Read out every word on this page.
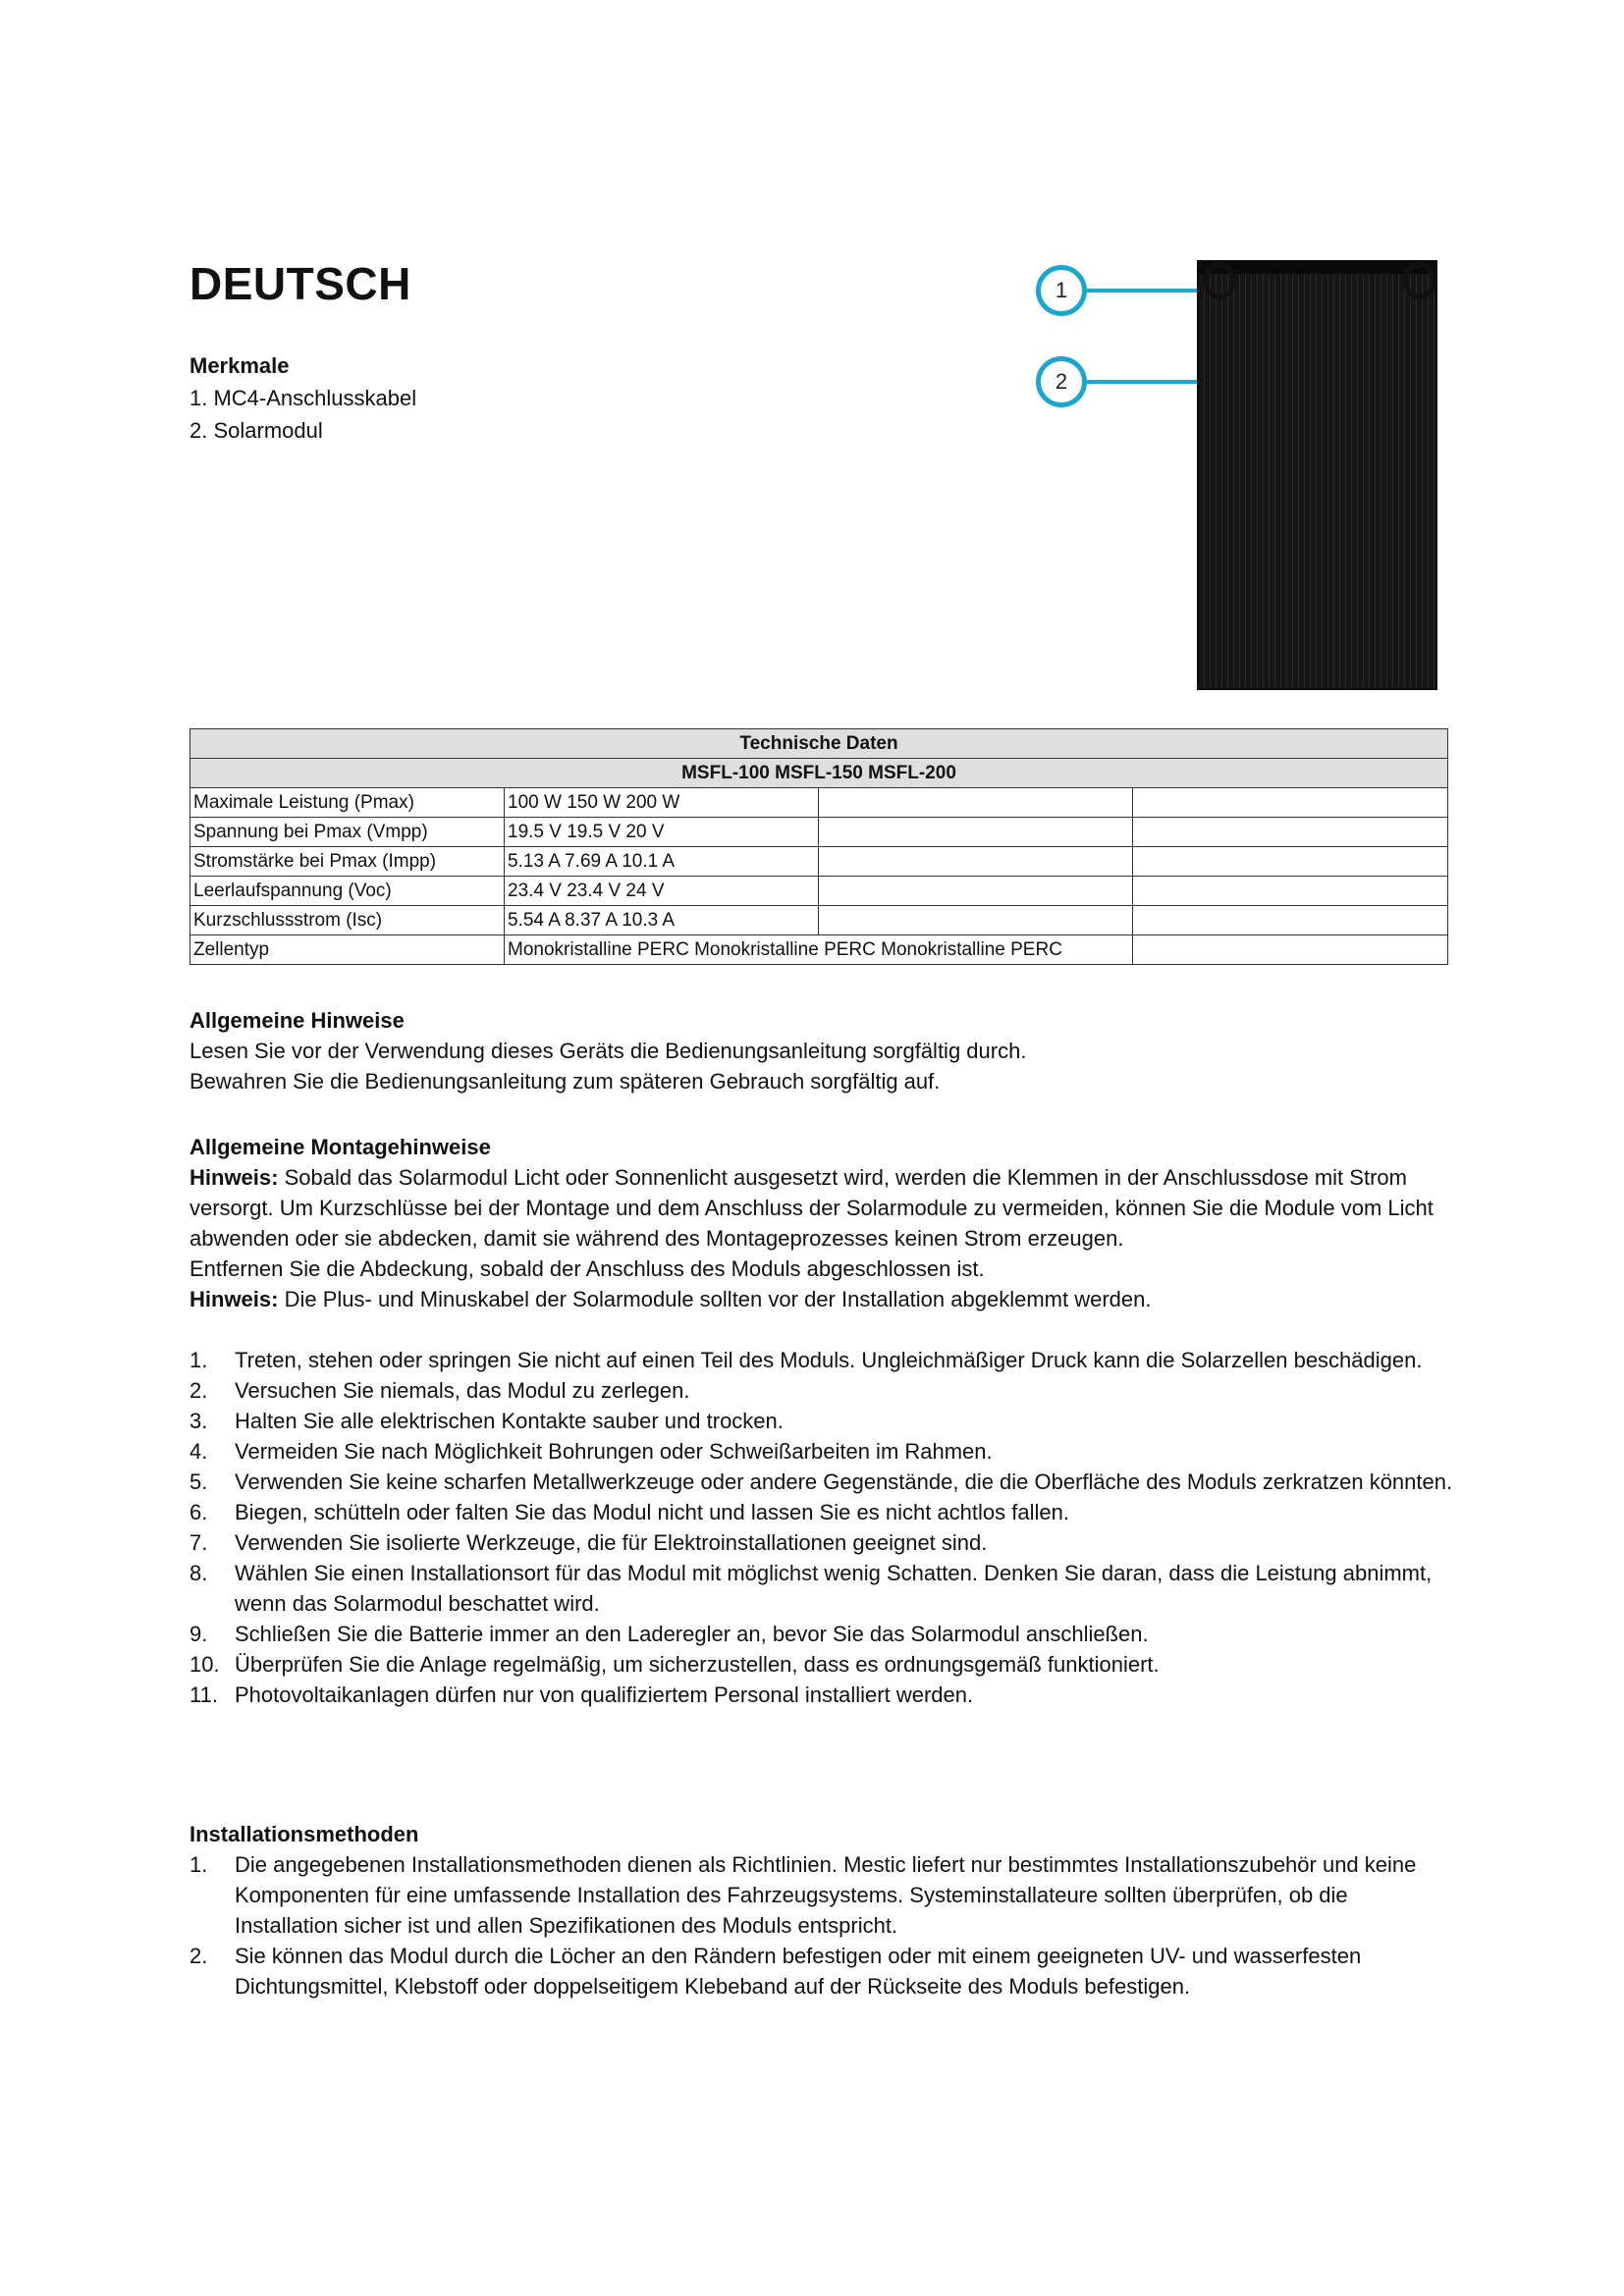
DEUTSCH
Merkmale
1. MC4-Anschlusskabel
2. Solarmodul
1
2
Technische Daten			
MSFL-100 MSFL-150 MSFL-200			
Maximale Leistung (Pmax)	100 W 150 W 200 W		
Spannung bei Pmax (Vmpp)	19.5 V 19.5 V 20 V		
Stromstärke bei Pmax (Impp)	5.13 A 7.69 A 10.1 A		
Leerlaufspannung (Voc)	23.4 V 23.4 V 24 V		
Kurzschlussstrom (Isc)	5.54 A 8.37 A 10.3 A		
Zellentyp	Monokristalline PERC Monokristalline PERC Monokristalline PERC		

Allgemeine Hinweise

Lesen Sie vor der Verwendung dieses Geräts die Bedienungsanleitung sorgfältig durch.

Bewahren Sie die Bedienungsanleitung zum späteren Gebrauch sorgfältig auf.

Allgemeine Montagehinweise

Hinweis: Sobald das Solarmodul Licht oder Sonnenlicht ausgesetzt wird, werden die Klemmen in der Anschlussdose mit Strom versorgt. Um Kurzschlüsse bei der Montage und dem Anschluss der Solarmodule zu vermeiden, können Sie die Module vom Licht abwenden oder sie abdecken, damit sie während des Montageprozesses keinen Strom erzeugen.

Entfernen Sie die Abdeckung, sobald der Anschluss des Moduls abgeschlossen ist.

Hinweis: Die Plus- und Minuskabel der Solarmodule sollten vor der Installation abgeklemmt werden.

1. Treten, stehen oder springen Sie nicht auf einen Teil des Moduls. Ungleichmäßiger Druck kann die Solarzellen beschädigen.
2. Versuchen Sie niemals, das Modul zu zerlegen.
3. Halten Sie alle elektrischen Kontakte sauber und trocken.
4. Vermeiden Sie nach Möglichkeit Bohrungen oder Schweißarbeiten im Rahmen.
5. Verwenden Sie keine scharfen Metallwerkzeuge oder andere Gegenstände, die die Oberfläche des Moduls zerkratzen könnten.
6. Biegen, schütteln oder falten Sie das Modul nicht und lassen Sie es nicht achtlos fallen.
7. Verwenden Sie isolierte Werkzeuge, die für Elektroinstallationen geeignet sind.
8. Wählen Sie einen Installationsort für das Modul mit möglichst wenig Schatten. Denken Sie daran, dass die Leistung abnimmt, wenn das Solarmodul beschattet wird.
9. Schließen Sie die Batterie immer an den Laderegler an, bevor Sie das Solarmodul anschließen.
10. Überprüfen Sie die Anlage regelmäßig, um sicherzustellen, dass es ordnungsgemäß funktioniert.
11. Photovoltaikanlagen dürfen nur von qualifiziertem Personal installiert werden.

Installationsmethoden

1. Die angegebenen Installationsmethoden dienen als Richtlinien. Mestic liefert nur bestimmtes Installationszubehör und keine Komponenten für eine umfassende Installation des Fahrzeugsystems. Systeminstallateure sollten überprüfen, ob die Installation sicher ist und allen Spezifikationen des Moduls entspricht.
2. Sie können das Modul durch die Löcher an den Rändern befestigen oder mit einem geeigneten UV- und wasserfesten Dichtungsmittel, Klebstoff oder doppelseitigem Klebeband auf der Rückseite des Moduls befestigen.
